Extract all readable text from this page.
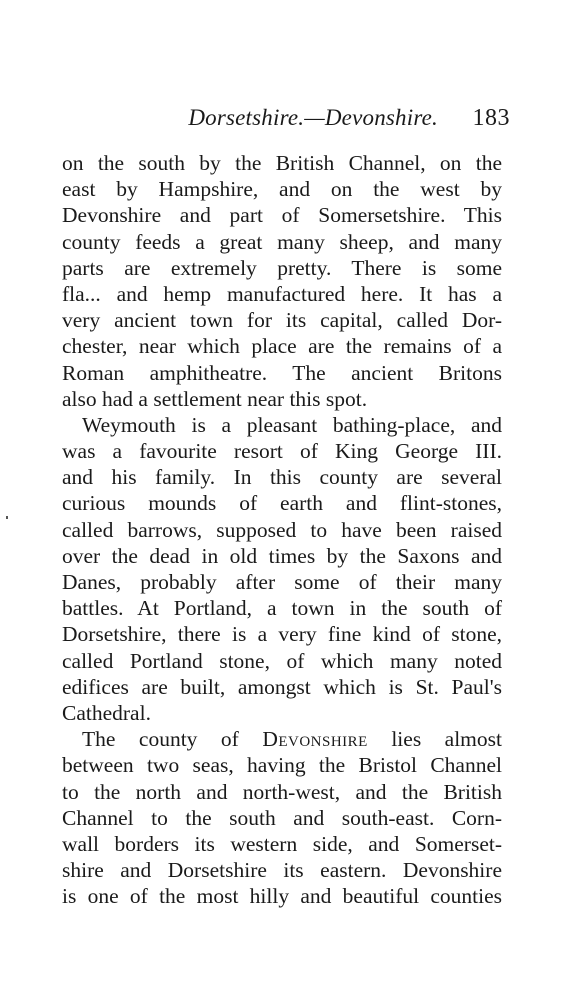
Dorsetshire.—Devonshire. 183
on the south by the British Channel, on the
east by Hampshire, and on the west by
Devonshire and part of Somersetshire. This
county feeds a great many sheep, and many
parts are extremely pretty. There is some
fla... and hemp manufactured here. It has a
very ancient town for its capital, called Dor-
chester, near which place are the remains of a
Roman amphitheatre. The ancient Britons
also had a settlement near this spot.
Weymouth is a pleasant bathing-place, and
was a favourite resort of King George III.
and his family. In this county are several
curious mounds of earth and flint-stones,
called barrows, supposed to have been raised
over the dead in old times by the Saxons and
Danes, probably after some of their many
battles. At Portland, a town in the south of
Dorsetshire, there is a very fine kind of stone,
called Portland stone, of which many noted
edifices are built, amongst which is St. Paul's
Cathedral.
The county of Devonshire lies almost
between two seas, having the Bristol Channel
to the north and north-west, and the British
Channel to the south and south-east. Corn-
wall borders its western side, and Somerset-
shire and Dorsetshire its eastern. Devonshire
is one of the most hilly and beautiful counties
